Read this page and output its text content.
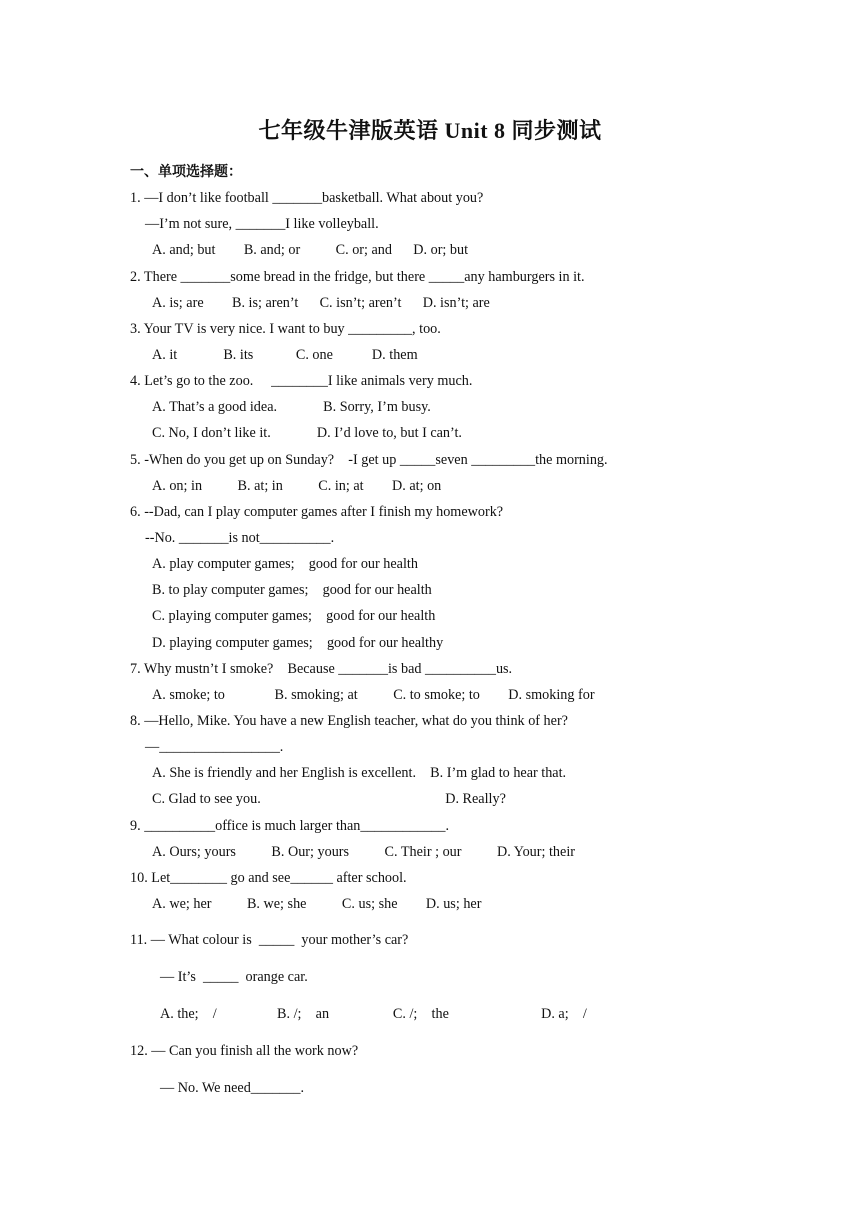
七年级牛津版英语 Unit 8 同步测试
一、单项选择题：
1. —I don’t like football _______basketball. What about you?
—I’m not sure, _______I like volleyball.
A. and; but        B. and; or          C. or; and      D. or; but
2. There _______some bread in the fridge, but there _____any hamburgers in it.
A. is; are        B. is; aren’t      C. isn’t; aren’t      D. isn’t; are
3. Your TV is very nice. I want to buy _________, too.
A. it             B. its            C. one           D. them
4. Let’s go to the zoo.     ________I like animals very much.
A. That’s a good idea.             B. Sorry, I’m busy.
C. No, I don’t like it.             D. I’d love to, but I can’t.
5. -When do you get up on Sunday?    -I get up _____seven _________the morning.
A. on; in          B. at; in          C. in; at        D. at; on
6. --Dad, can I play computer games after I finish my homework?
--No. _______is not__________.
A. play computer games;    good for our health
B. to play computer games;    good for our health
C. playing computer games;    good for our health
D. playing computer games;    good for our healthy
7. Why mustn’t I smoke?    Because _______is bad __________us.
A. smoke; to              B. smoking; at          C. to smoke; to        D. smoking for
8. —Hello, Mike. You have a new English teacher, what do you think of her?
—_________________.
A. She is friendly and her English is excellent.    B. I’m glad to hear that.
C. Glad to see you.                                                    D. Really?
9. __________office is much larger than____________.
A. Ours; yours          B. Our; yours          C. Their ; our          D. Your; their
10. Let________ go and see______ after school.
A. we; her          B. we; she          C. us; she        D. us; her
11. — What colour is  _____  your mother’s car?
— It’s  _____  orange car.
A. the;    /                 B. /;    an                  C. /;    the                          D. a;    /
12. — Can you finish all the work now?
— No. We need_______.
